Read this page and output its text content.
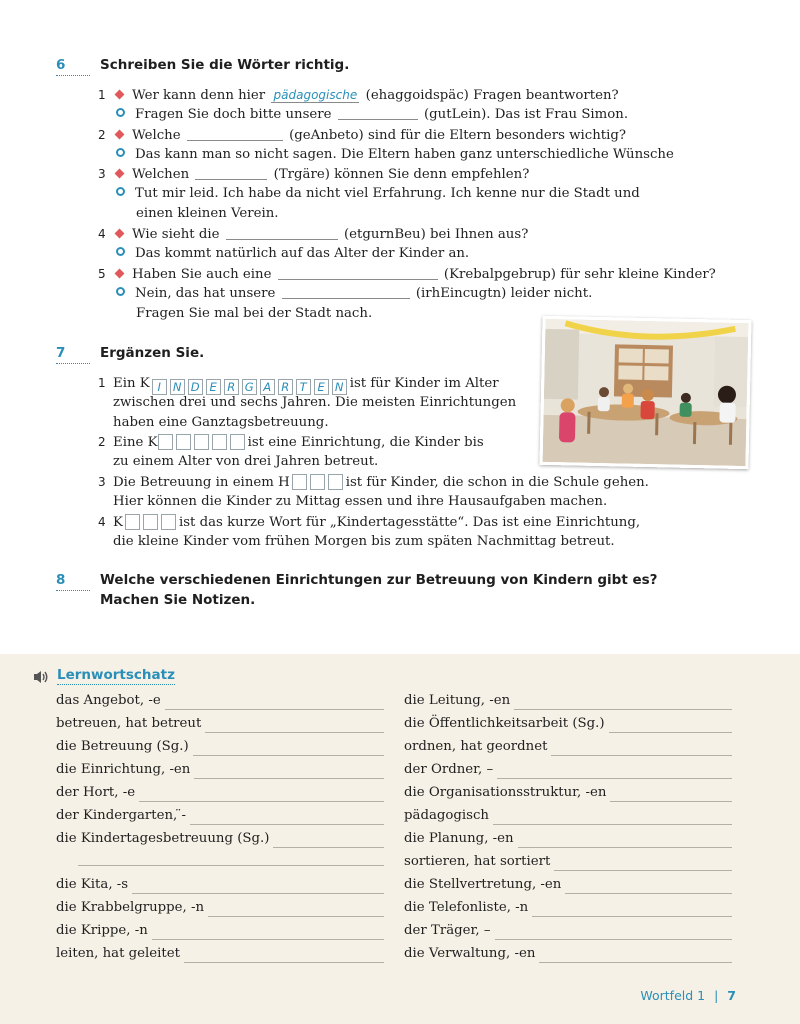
6	Schreiben Sie die Wörter richtig.
1 Wer kann denn hier pädagogische (ehaggoidspäc) Fragen beantworten?
Fragen Sie doch bitte unsere	(gutLein). Das ist Frau Simon.
2 Welche	(geAnbeto) sind für die Eltern besonders wichtig?
Das kann man so nicht sagen. Die Eltern haben ganz unterschiedliche Wünsche
3 Welchen	(Trgäre) können Sie denn empfehlen?
Tut mir leid. Ich habe da nicht viel Erfahrung. Ich kenne nur die Stadt und
einen kleinen Verein.
4 Wie sieht die	(etgurnBeu) bei Ihnen aus?
Das kommt natürlich auf das Alter der Kinder an.
5 Haben Sie auch eine	(Krebalpgebrup) für sehr kleine Kinder?
Nein, das hat unsere	(irhEincugtn) leider nicht.
Fragen Sie mal bei der Stadt nach.
7	Ergänzen Sie.
1 Ein K I N D E R G A R T E N ist für Kinder im Alter
zwischen drei und sechs Jahren. Die meisten Einrichtungen
haben eine Ganztagsbetreuung.
2 Eine K	ist eine Einrichtung, die Kinder bis
zu einem Alter von drei Jahren betreut.
3 Die Betreuung in einem H	ist für Kinder, die schon in die Schule gehen.
Hier können die Kinder zu Mittag essen und ihre Hausaufgaben machen.
4 K	ist das kurze Wort für „Kindertagesstätte“. Das ist eine Einrichtung,
die kleine Kinder vom frühen Morgen bis zum späten Nachmittag betreut.
8	Welche verschiedenen Einrichtungen zur Betreuung von Kindern gibt es?
Machen Sie Notizen.
Lernwortschatz
das Angebot, -e
betreuen, hat betreut
die Betreuung (Sg.)
die Einrichtung, -en
der Hort, -e
der Kindergarten, ̈-
die Kindertagesbetreuung (Sg.)
die Kita, -s
die Krabbelgruppe, -n
die Krippe, -n
leiten, hat geleitet
die Leitung, -en
die Öffentlichkeitsarbeit (Sg.)
ordnen, hat geordnet
der Ordner, –
die Organisationsstruktur, -en
pädagogisch
die Planung, -en
sortieren, hat sortiert
die Stellvertretung, -en
die Telefonliste, -n
der Träger, –
die Verwaltung, -en
Wortfeld 1 | 7
